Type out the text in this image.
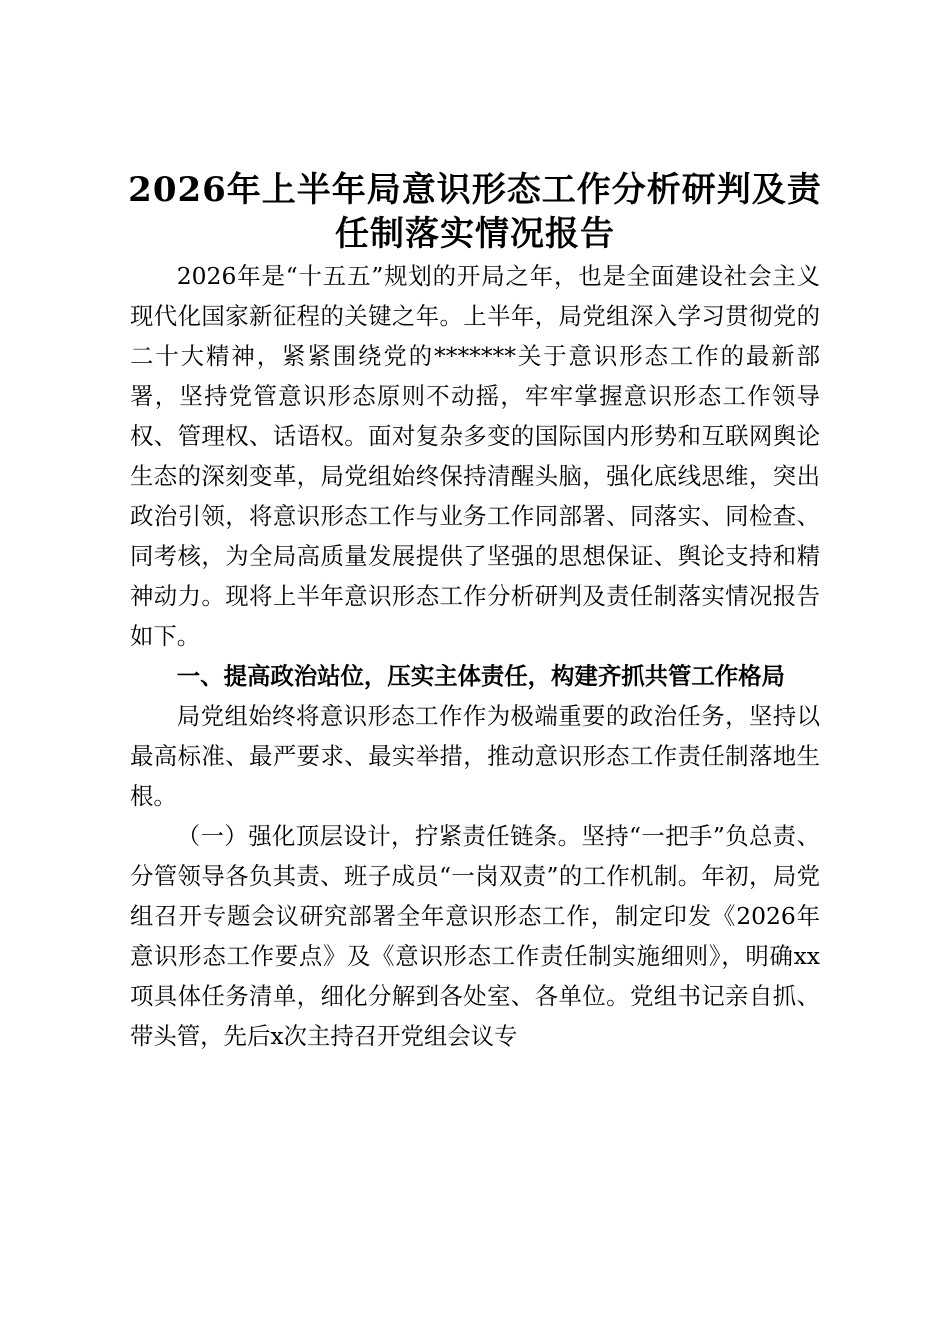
2026年上半年局意识形态工作分析研判及责
任制落实情况报告

2026年是“十五五”规划的开局之年，也是全面建设社会主义现代化国家新征程的关键之年。上半年，局党组深入学习贯彻党的二十大精神，紧紧围绕党的*******关于意识形态工作的最新部署，坚持党管意识形态原则不动摇，牢牢掌握意识形态工作领导权、管理权、话语权。面对复杂多变的国际国内形势和互联网舆论生态的深刻变革，局党组始终保持清醒头脑，强化底线思维，突出政治引领，将意识形态工作与业务工作同部署、同落实、同检查、同考核，为全局高质量发展提供了坚强的思想保证、舆论支持和精神动力。现将上半年意识形态工作分析研判及责任制落实情况报告如下。

一、提高政治站位，压实主体责任，构建齐抓共管工作格局

局党组始终将意识形态工作作为极端重要的政治任务，坚持以最高标准、最严要求、最实举措，推动意识形态工作责任制落地生根。

（一）强化顶层设计，拧紧责任链条。坚持“一把手”负总责、分管领导各负其责、班子成员“一岗双责”的工作机制。年初，局党组召开专题会议研究部署全年意识形态工作，制定印发《2026年意识形态工作要点》及《意识形态工作责任制实施细则》，明确xx项具体任务清单，细化分解到各处室、各单位。党组书记亲自抓、带头管，先后x次主持召开党组会议专
